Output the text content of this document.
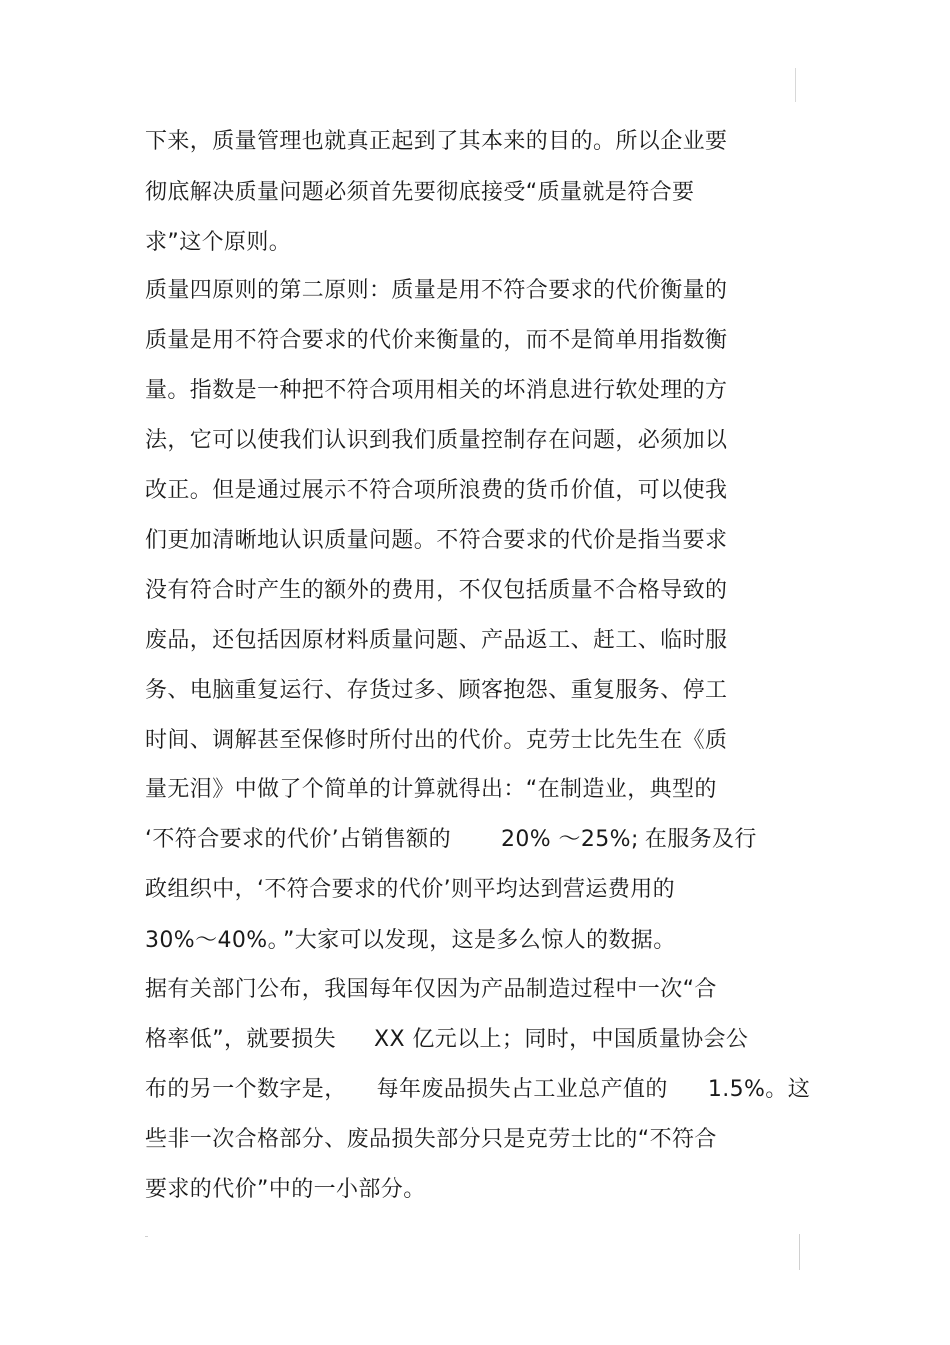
下来，质量管理也就真正起到了其本来的目的。所以企业要

彻底解决质量问题必须首先要彻底接受“质量就是符合要

求”这个原则。

质量四原则的第二原则：质量是用不符合要求的代价衡量的

质量是用不符合要求的代价来衡量的，而不是简单用指数衡

量。指数是一种把不符合项用相关的坏消息进行软处理的方

法，它可以使我们认识到我们质量控制存在问题，必须加以

改正。但是通过展示不符合项所浪费的货币价值，可以使我

们更加清晰地认识质量问题。不符合要求的代价是指当要求

没有符合时产生的额外的费用，不仅包括质量不合格导致的

废品，还包括因原材料质量问题、产品返工、赶工、临时服

务、电脑重复运行、存货过多、顾客抱怨、重复服务、停工

时间、调解甚至保修时所付出的代价。克劳士比先生在《质

量无泪》中做了个简单的计算就得出：“在制造业，典型的

‘不符合要求的代价’占销售额的 20% ～25%; 在服务及行

政组织中，‘不符合要求的代价’则平均达到营运费用的

30%～40%。 ”大家可以发现，这是多么惊人的数据。

据有关部门公布，我国每年仅因为产品制造过程中一次“合

格率低”，就要损失 XX 亿元以上；同时，中国质量协会公

布的另一个数字是， 每年废品损失占工业总产值的 1.5%。这

些非一次合格部分、废品损失部分只是克劳士比的“不符合

要求的代价”中的一小部分。
